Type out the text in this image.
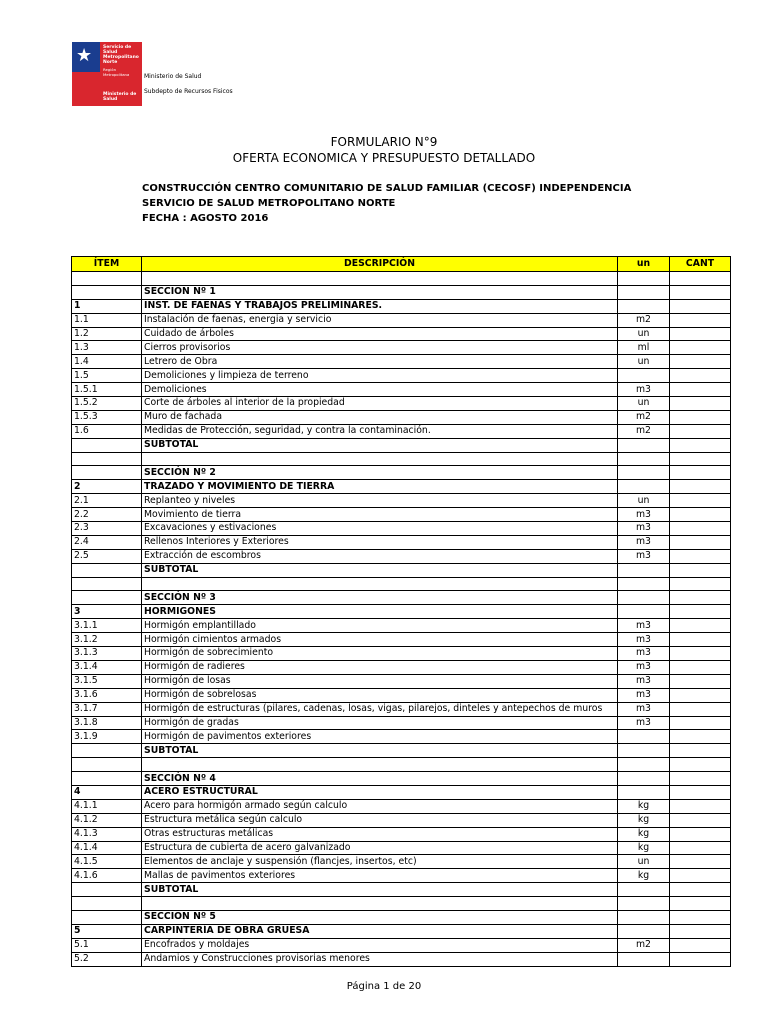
★ Servicio de
Salud
Metropolitano
Norte
Región Metropolitana
Ministerio de
Salud
Ministerio de Salud
Subdepto de Recursos Fisicos
FORMULARIO N°9
OFERTA ECONOMICA Y PRESUPUESTO DETALLADO
CONSTRUCCIÓN CENTRO COMUNITARIO DE SALUD FAMILIAR (CECOSF) INDEPENDENCIA
SERVICIO DE SALUD METROPOLITANO NORTE
FECHA : AGOSTO 2016
ÍTEM	DESCRIPCIÓN	un	CANT

	SECCIÓN Nº 1		
1	INST. DE FAENAS Y TRABAJOS PRELIMINARES.		
1.1	Instalación de faenas, energia y servicio	m2	
1.2	Cuidado de árboles	un	
1.3	Cierros provisorios	ml	
1.4	Letrero de Obra	un	
1.5	Demoliciones y limpieza de terreno		
1.5.1	Demoliciones	m3	
1.5.2	Corte de árboles al interior de la propiedad	un	
1.5.3	Muro de fachada	m2	
1.6	Medidas de Protección, seguridad, y contra la contaminación.	m2	
	SUBTOTAL		

	SECCIÓN Nº 2		
2	TRAZADO Y MOVIMIENTO DE TIERRA		
2.1	Replanteo y niveles	un	
2.2	Movimiento de tierra	m3	
2.3	Excavaciones y estivaciones	m3	
2.4	Rellenos Interiores y Exteriores	m3	
2.5	Extracción de escombros	m3	
	SUBTOTAL		

	SECCIÓN Nº 3		
3	HORMIGONES		
3.1.1	Hormigón emplantillado	m3	
3.1.2	Hormigón cimientos armados	m3	
3.1.3	Hormigón de sobrecimiento	m3	
3.1.4	Hormigón de radieres	m3	
3.1.5	Hormigón de losas	m3	
3.1.6	Hormigón de sobrelosas	m3	
3.1.7	Hormigón de estructuras (pilares, cadenas, losas, vigas, pilarejos, dinteles y antepechos de muros	m3	
3.1.8	Hormigón de gradas	m3	
3.1.9	Hormigón de pavimentos exteriores		
	SUBTOTAL		

	SECCIÓN Nº 4		
4	ACERO ESTRUCTURAL		
4.1.1	Acero para hormigón armado según calculo	kg	
4.1.2	Estructura metálica según calculo	kg	
4.1.3	Otras estructuras metálicas	kg	
4.1.4	Estructura de cubierta de acero galvanizado	kg	
4.1.5	Elementos de anclaje y suspensión (flancjes, insertos, etc)	un	
4.1.6	Mallas de pavimentos exteriores	kg	
	SUBTOTAL		

	SECCIÓN Nº 5		
5	CARPINTERÍA DE OBRA GRUESA		
5.1	Encofrados y moldajes	m2	
5.2	Andamios y Construcciones provisorias menores		
Página 1 de 20
